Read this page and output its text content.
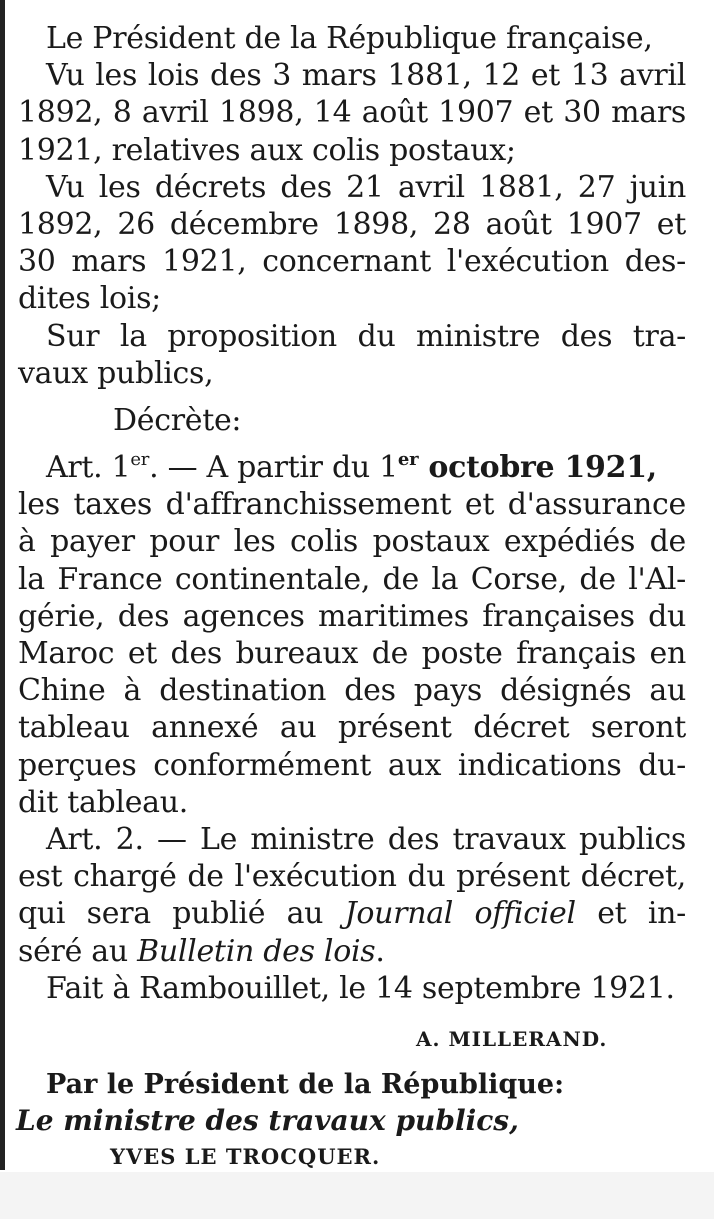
Le Président de la République française,
Vu les lois des 3 mars 1881, 12 et 13 avril
1892, 8 avril 1898, 14 août 1907 et 30 mars
1921, relatives aux colis postaux;
Vu les décrets des 21 avril 1881, 27 juin
1892, 26 décembre 1898, 28 août 1907 et
30 mars 1921, concernant l'exécution des-
dites lois;
Sur la proposition du ministre des tra-
vaux publics,
Décrète:
Art. 1er. — A partir du 1er octobre 1921,
les taxes d'affranchissement et d'assurance
à payer pour les colis postaux expédiés de
la France continentale, de la Corse, de l'Al-
gérie, des agences maritimes françaises du
Maroc et des bureaux de poste français en
Chine à destination des pays désignés au
tableau annexé au présent décret seront
perçues conformément aux indications du-
dit tableau.
Art. 2. — Le ministre des travaux publics
est chargé de l'exécution du présent décret,
qui sera publié au Journal officiel et in-
séré au Bulletin des lois.
Fait à Rambouillet, le 14 septembre 1921.
A. MILLERAND.
Par le Président de la République:
Le ministre des travaux publics,
YVES LE TROCQUER.
